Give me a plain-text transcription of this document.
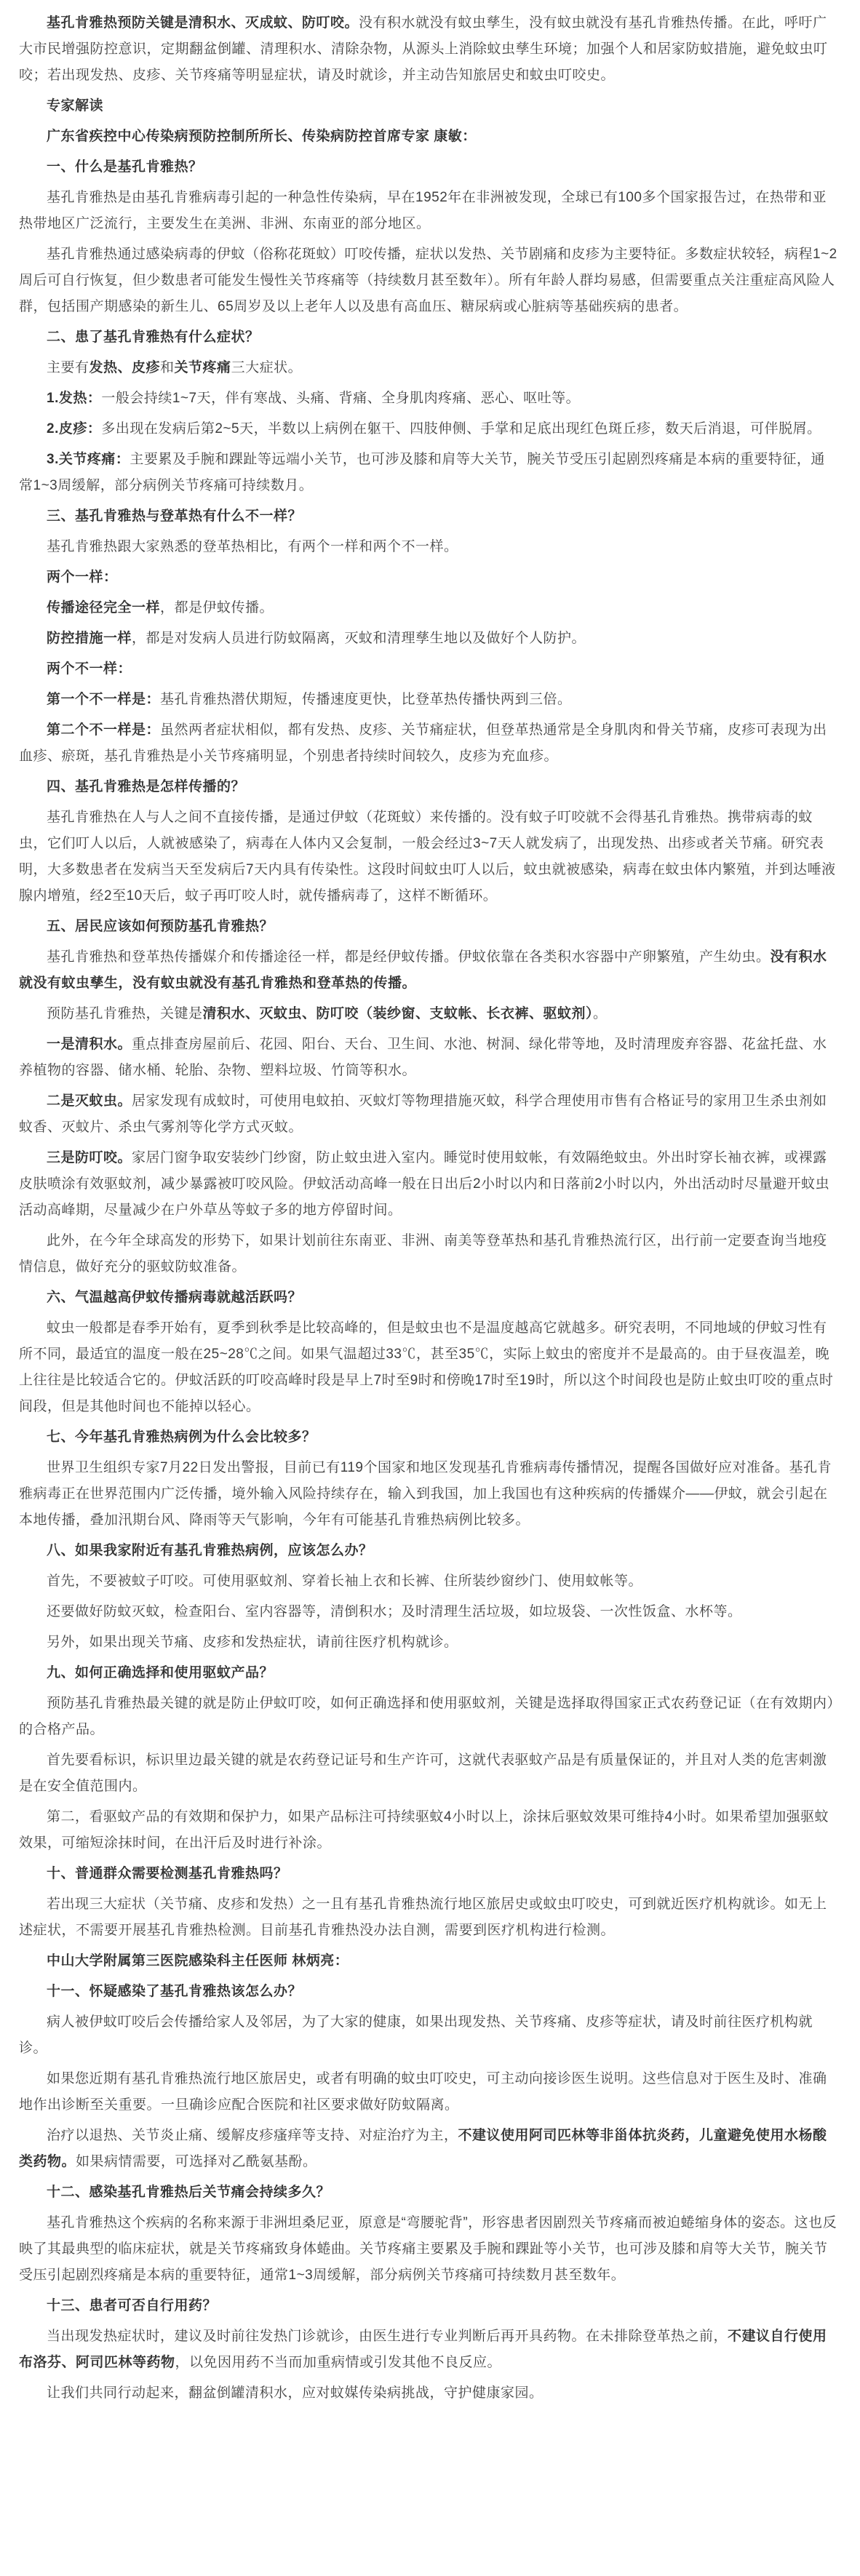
基孔肯雅热预防关键是清积水、灭成蚊、防叮咬。没有积水就没有蚊虫孳生，没有蚊虫就没有基孔肯雅热传播。在此，呼吁广大市民增强防控意识，定期翻盆倒罐、清理积水、清除杂物，从源头上消除蚊虫孳生环境；加强个人和居家防蚊措施，避免蚊虫叮咬；若出现发热、皮疹、关节疼痛等明显症状，请及时就诊，并主动告知旅居史和蚊虫叮咬史。

专家解读

广东省疾控中心传染病预防控制所所长、传染病防控首席专家 康敏：

一、什么是基孔肯雅热？

基孔肯雅热是由基孔肯雅病毒引起的一种急性传染病，早在1952年在非洲被发现，全球已有100多个国家报告过，在热带和亚热带地区广泛流行，主要发生在美洲、非洲、东南亚的部分地区。

基孔肯雅热通过感染病毒的伊蚊（俗称花斑蚊）叮咬传播，症状以发热、关节剧痛和皮疹为主要特征。多数症状较轻，病程1~2周后可自行恢复，但少数患者可能发生慢性关节疼痛等（持续数月甚至数年）。所有年龄人群均易感，但需要重点关注重症高风险人群，包括围产期感染的新生儿、65周岁及以上老年人以及患有高血压、糖尿病或心脏病等基础疾病的患者。

二、患了基孔肯雅热有什么症状？

主要有发热、皮疹和关节疼痛三大症状。

1.发热：一般会持续1~7天，伴有寒战、头痛、背痛、全身肌肉疼痛、恶心、呕吐等。

2.皮疹：多出现在发病后第2~5天，半数以上病例在躯干、四肢伸侧、手掌和足底出现红色斑丘疹，数天后消退，可伴脱屑。

3.关节疼痛：主要累及手腕和踝趾等远端小关节，也可涉及膝和肩等大关节，腕关节受压引起剧烈疼痛是本病的重要特征，通常1~3周缓解，部分病例关节疼痛可持续数月。

三、基孔肯雅热与登革热有什么不一样？

基孔肯雅热跟大家熟悉的登革热相比，有两个一样和两个不一样。

两个一样：

传播途径完全一样，都是伊蚊传播。

防控措施一样，都是对发病人员进行防蚊隔离，灭蚊和清理孳生地以及做好个人防护。

两个不一样：

第一个不一样是：基孔肯雅热潜伏期短，传播速度更快，比登革热传播快两到三倍。

第二个不一样是：虽然两者症状相似，都有发热、皮疹、关节痛症状，但登革热通常是全身肌肉和骨关节痛，皮疹可表现为出血疹、瘀斑，基孔肯雅热是小关节疼痛明显，个别患者持续时间较久，皮疹为充血疹。

四、基孔肯雅热是怎样传播的？

基孔肯雅热在人与人之间不直接传播，是通过伊蚊（花斑蚊）来传播的。没有蚊子叮咬就不会得基孔肯雅热。携带病毒的蚊虫，它们叮人以后，人就被感染了，病毒在人体内又会复制，一般会经过3~7天人就发病了，出现发热、出疹或者关节痛。研究表明，大多数患者在发病当天至发病后7天内具有传染性。这段时间蚊虫叮人以后，蚊虫就被感染，病毒在蚊虫体内繁殖，并到达唾液腺内增殖，经2至10天后，蚊子再叮咬人时，就传播病毒了，这样不断循环。

五、居民应该如何预防基孔肯雅热？

基孔肯雅热和登革热传播媒介和传播途径一样，都是经伊蚊传播。伊蚊依靠在各类积水容器中产卵繁殖，产生幼虫。没有积水就没有蚊虫孳生，没有蚊虫就没有基孔肯雅热和登革热的传播。

预防基孔肯雅热，关键是清积水、灭蚊虫、防叮咬（装纱窗、支蚊帐、长衣裤、驱蚊剂）。

一是清积水。重点排查房屋前后、花园、阳台、天台、卫生间、水池、树洞、绿化带等地，及时清理废弃容器、花盆托盘、水养植物的容器、储水桶、轮胎、杂物、塑料垃圾、竹筒等积水。

二是灭蚊虫。居家发现有成蚊时，可使用电蚊拍、灭蚊灯等物理措施灭蚊，科学合理使用市售有合格证号的家用卫生杀虫剂如蚊香、灭蚊片、杀虫气雾剂等化学方式灭蚊。

三是防叮咬。家居门窗争取安装纱门纱窗，防止蚊虫进入室内。睡觉时使用蚊帐，有效隔绝蚊虫。外出时穿长袖衣裤，或裸露皮肤喷涂有效驱蚊剂，减少暴露被叮咬风险。伊蚊活动高峰一般在日出后2小时以内和日落前2小时以内，外出活动时尽量避开蚊虫活动高峰期，尽量减少在户外草丛等蚊子多的地方停留时间。

此外，在今年全球高发的形势下，如果计划前往东南亚、非洲、南美等登革热和基孔肯雅热流行区，出行前一定要查询当地疫情信息，做好充分的驱蚊防蚊准备。

六、气温越高伊蚊传播病毒就越活跃吗？

蚊虫一般都是春季开始有，夏季到秋季是比较高峰的，但是蚊虫也不是温度越高它就越多。研究表明，不同地域的伊蚊习性有所不同，最适宜的温度一般在25~28℃之间。如果气温超过33℃，甚至35℃，实际上蚊虫的密度并不是最高的。由于昼夜温差，晚上往往是比较适合它的。伊蚊活跃的叮咬高峰时段是早上7时至9时和傍晚17时至19时，所以这个时间段也是防止蚊虫叮咬的重点时间段，但是其他时间也不能掉以轻心。

七、今年基孔肯雅热病例为什么会比较多？

世界卫生组织专家7月22日发出警报，目前已有119个国家和地区发现基孔肯雅病毒传播情况，提醒各国做好应对准备。基孔肯雅病毒正在世界范围内广泛传播，境外输入风险持续存在，输入到我国，加上我国也有这种疾病的传播媒介——伊蚊，就会引起在本地传播，叠加汛期台风、降雨等天气影响，今年有可能基孔肯雅热病例比较多。

八、如果我家附近有基孔肯雅热病例，应该怎么办？

首先，不要被蚊子叮咬。可使用驱蚊剂、穿着长袖上衣和长裤、住所装纱窗纱门、使用蚊帐等。

还要做好防蚊灭蚊，检查阳台、室内容器等，清倒积水；及时清理生活垃圾，如垃圾袋、一次性饭盒、水杯等。

另外，如果出现关节痛、皮疹和发热症状，请前往医疗机构就诊。

九、如何正确选择和使用驱蚊产品？

预防基孔肯雅热最关键的就是防止伊蚊叮咬，如何正确选择和使用驱蚊剂，关键是选择取得国家正式农药登记证（在有效期内）的合格产品。

首先要看标识，标识里边最关键的就是农药登记证号和生产许可，这就代表驱蚊产品是有质量保证的，并且对人类的危害刺激是在安全值范围内。

第二，看驱蚊产品的有效期和保护力，如果产品标注可持续驱蚊4小时以上，涂抹后驱蚊效果可维持4小时。如果希望加强驱蚊效果，可缩短涂抹时间，在出汗后及时进行补涂。

十、普通群众需要检测基孔肯雅热吗？

若出现三大症状（关节痛、皮疹和发热）之一且有基孔肯雅热流行地区旅居史或蚊虫叮咬史，可到就近医疗机构就诊。如无上述症状，不需要开展基孔肯雅热检测。目前基孔肯雅热没办法自测，需要到医疗机构进行检测。

中山大学附属第三医院感染科主任医师 林炳亮：

十一、怀疑感染了基孔肯雅热该怎么办？

病人被伊蚊叮咬后会传播给家人及邻居，为了大家的健康，如果出现发热、关节疼痛、皮疹等症状，请及时前往医疗机构就诊。

如果您近期有基孔肯雅热流行地区旅居史，或者有明确的蚊虫叮咬史，可主动向接诊医生说明。这些信息对于医生及时、准确地作出诊断至关重要。一旦确诊应配合医院和社区要求做好防蚊隔离。

治疗以退热、关节炎止痛、缓解皮疹瘙痒等支持、对症治疗为主，不建议使用阿司匹林等非甾体抗炎药，儿童避免使用水杨酸类药物。如果病情需要，可选择对乙酰氨基酚。

十二、感染基孔肯雅热后关节痛会持续多久？

基孔肯雅热这个疾病的名称来源于非洲坦桑尼亚，原意是“弯腰驼背”，形容患者因剧烈关节疼痛而被迫蜷缩身体的姿态。这也反映了其最典型的临床症状，就是关节疼痛致身体蜷曲。关节疼痛主要累及手腕和踝趾等小关节，也可涉及膝和肩等大关节，腕关节受压引起剧烈疼痛是本病的重要特征，通常1~3周缓解，部分病例关节疼痛可持续数月甚至数年。

十三、患者可否自行用药？

当出现发热症状时，建议及时前往发热门诊就诊，由医生进行专业判断后再开具药物。在未排除登革热之前，不建议自行使用布洛芬、阿司匹林等药物，以免因用药不当而加重病情或引发其他不良反应。

让我们共同行动起来，翻盆倒罐清积水，应对蚊媒传染病挑战，守护健康家园。
